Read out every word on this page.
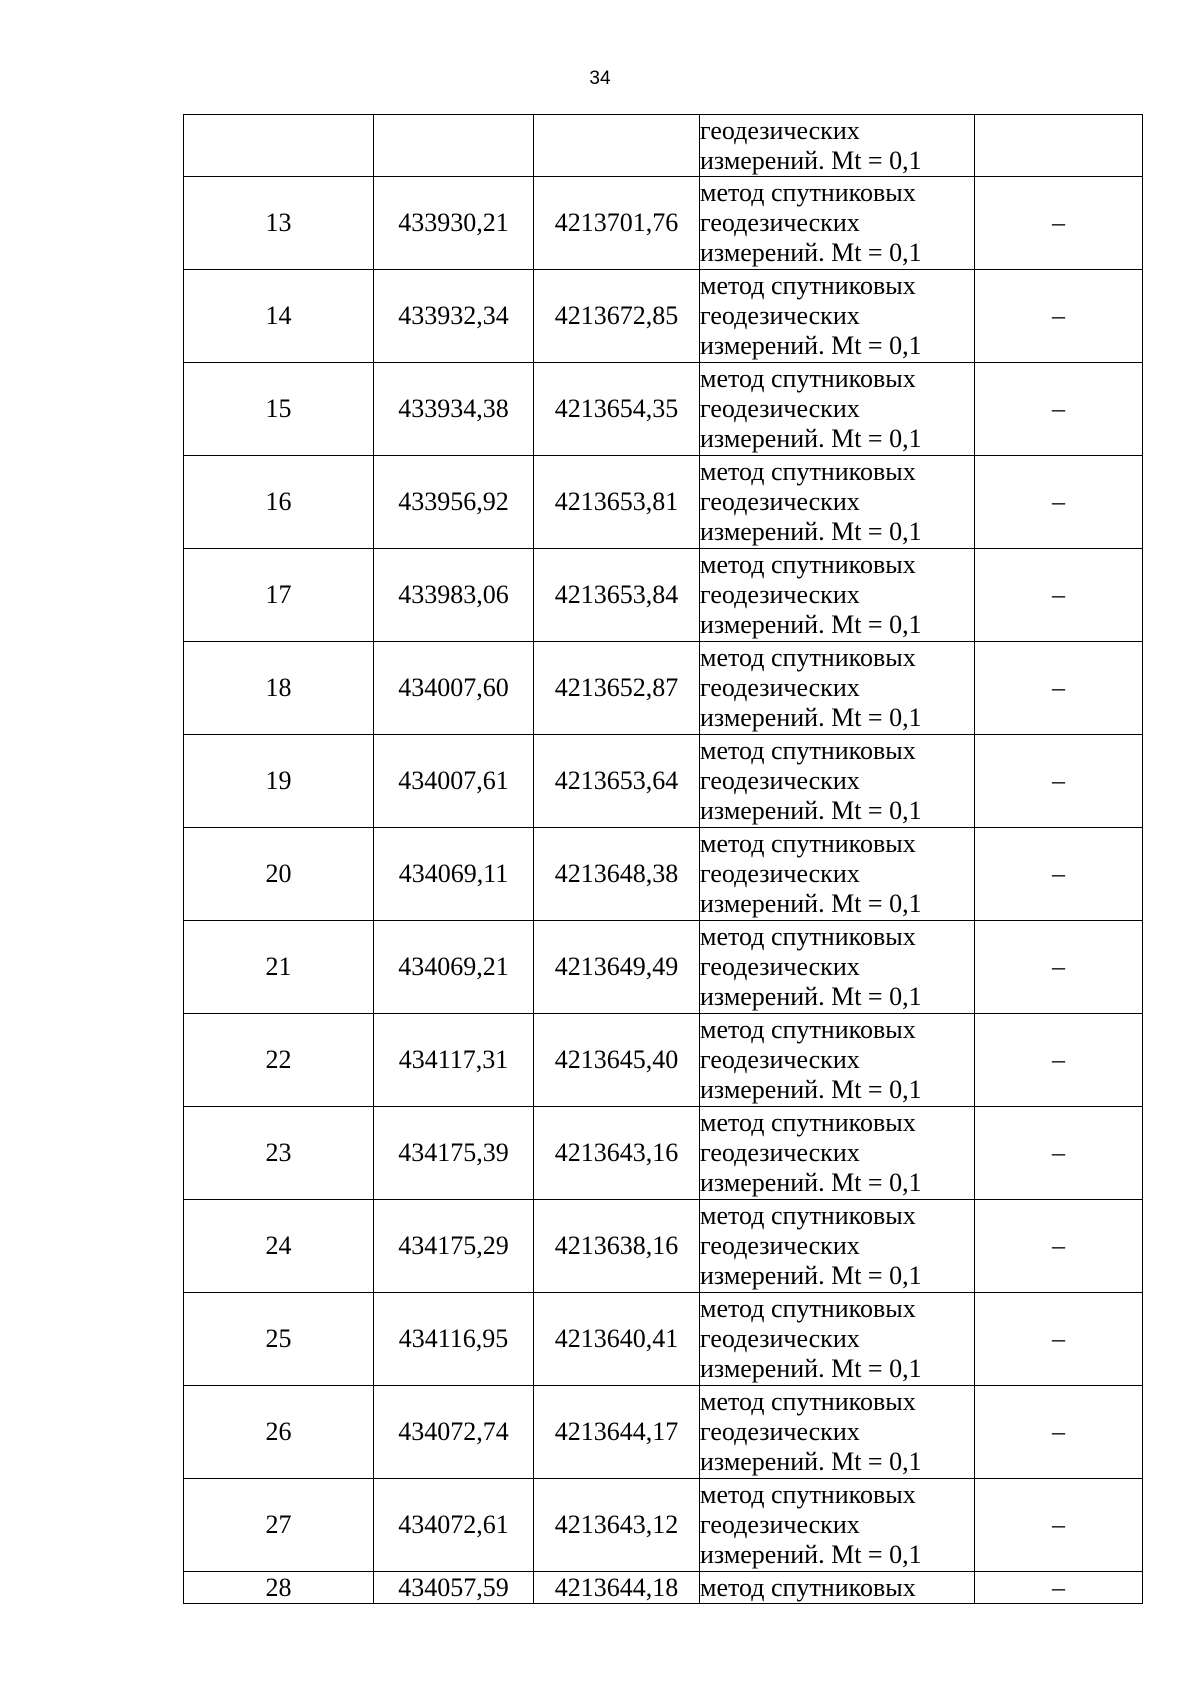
34

			геодезических
измерений. Mt = 0,1	

13	433930,21	4213701,76	метод спутниковых
геодезических
измерений. Mt = 0,1	–
14	433932,34	4213672,85	метод спутниковых
геодезических
измерений. Mt = 0,1	–
15	433934,38	4213654,35	метод спутниковых
геодезических
измерений. Mt = 0,1	–
16	433956,92	4213653,81	метод спутниковых
геодезических
измерений. Mt = 0,1	–
17	433983,06	4213653,84	метод спутниковых
геодезических
измерений. Mt = 0,1	–
18	434007,60	4213652,87	метод спутниковых
геодезических
измерений. Mt = 0,1	–
19	434007,61	4213653,64	метод спутниковых
геодезических
измерений. Mt = 0,1	–
20	434069,11	4213648,38	метод спутниковых
геодезических
измерений. Mt = 0,1	–
21	434069,21	4213649,49	метод спутниковых
геодезических
измерений. Mt = 0,1	–
22	434117,31	4213645,40	метод спутниковых
геодезических
измерений. Mt = 0,1	–
23	434175,39	4213643,16	метод спутниковых
геодезических
измерений. Mt = 0,1	–
24	434175,29	4213638,16	метод спутниковых
геодезических
измерений. Mt = 0,1	–
25	434116,95	4213640,41	метод спутниковых
геодезических
измерений. Mt = 0,1	–
26	434072,74	4213644,17	метод спутниковых
геодезических
измерений. Mt = 0,1	–
27	434072,61	4213643,12	метод спутниковых
геодезических
измерений. Mt = 0,1	–
28	434057,59	4213644,18	метод спутниковых	–
